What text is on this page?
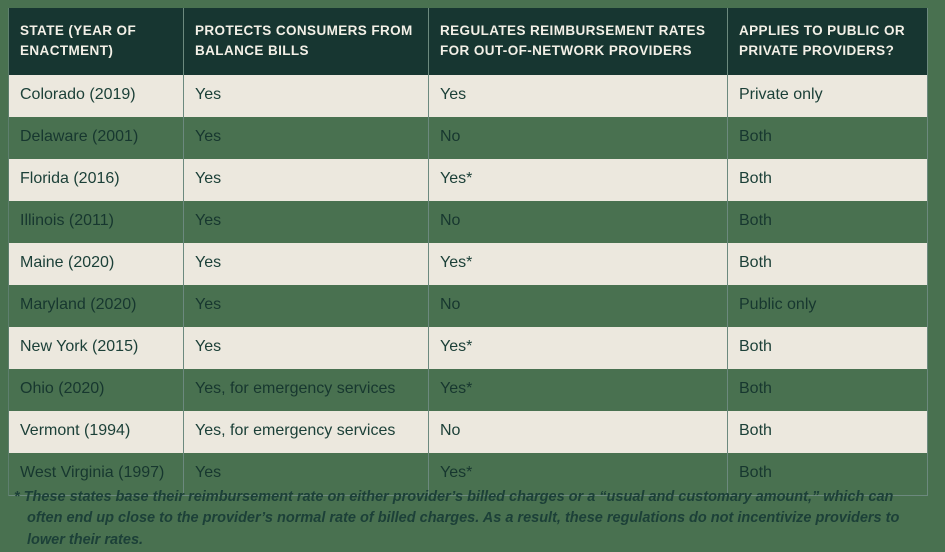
STATE (YEAR OF ENACTMENT)	PROTECTS CONSUMERS FROM BALANCE BILLS	REGULATES REIMBURSEMENT RATES FOR OUT-OF-NETWORK PROVIDERS	APPLIES TO PUBLIC OR PRIVATE PROVIDERS?
Colorado (2019)	Yes	Yes	Private only
Delaware (2001)	Yes	No	Both
Florida (2016)	Yes	Yes*	Both
Illinois (2011)	Yes	No	Both
Maine (2020)	Yes	Yes*	Both
Maryland (2020)	Yes	No	Public only
New York (2015)	Yes	Yes*	Both
Ohio (2020)	Yes, for emergency services	Yes*	Both
Vermont (1994)	Yes, for emergency services	No	Both
West Virginia (1997)	Yes	Yes*	Both

* These states base their reimbursement rate on either provider’s billed charges or a “usual and customary amount,” which can often end up close to the provider’s normal rate of billed charges. As a result, these regulations do not incentivize providers to lower their rates.
